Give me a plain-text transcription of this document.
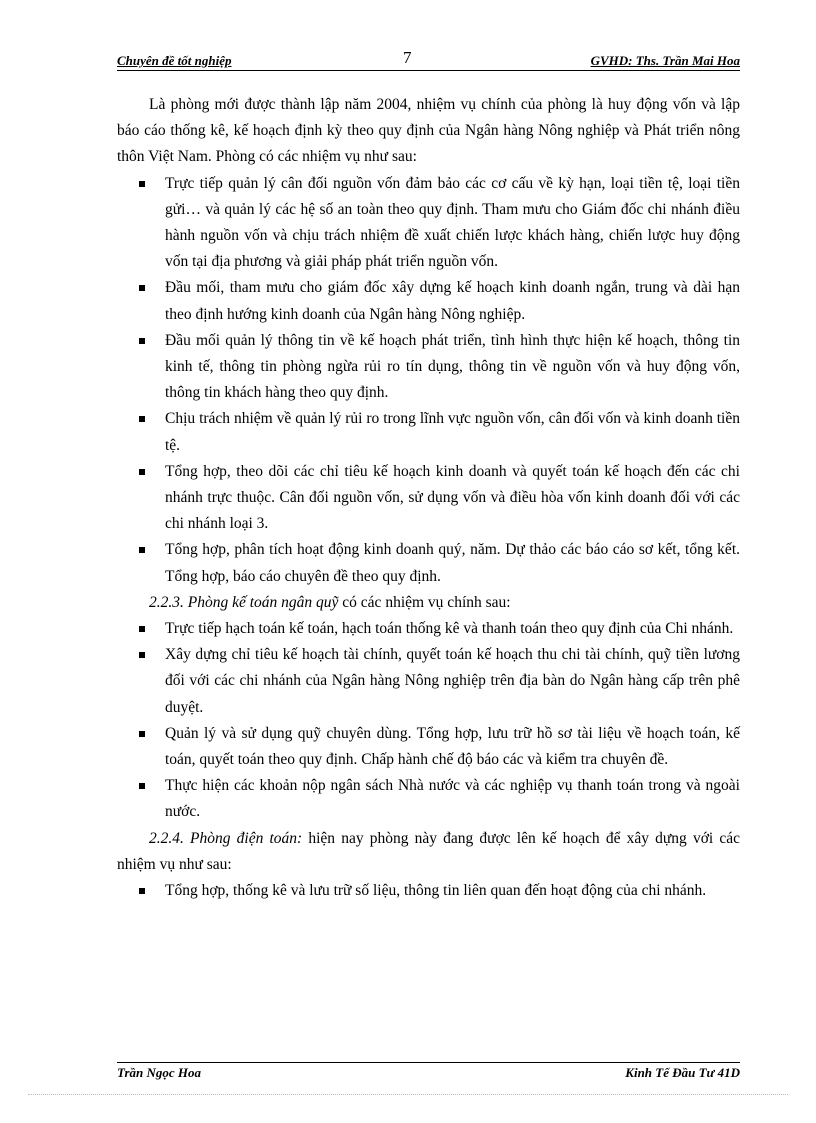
Chuyên đề tốt nghiệp	7	GVHD: Ths. Trần Mai Hoa

Là phòng mới được thành lập năm 2004, nhiệm vụ chính của phòng là huy động vốn và lập báo cáo thống kê, kế hoạch định kỳ theo quy định của Ngân hàng Nông nghiệp và Phát triển nông thôn Việt Nam. Phòng có các nhiệm vụ như sau:

Trực tiếp quản lý cân đối nguồn vốn đảm bảo các cơ cấu về kỳ hạn, loại tiền tệ, loại tiền gửi… và quản lý các hệ số an toàn theo quy định. Tham mưu cho Giám đốc chi nhánh điều hành nguồn vốn và chịu trách nhiệm đề xuất chiến lược khách hàng, chiến lược huy động vốn tại địa phương và giải pháp phát triển nguồn vốn.
Đầu mối, tham mưu cho giám đốc xây dựng kế hoạch kinh doanh ngắn, trung và dài hạn theo định hướng kinh doanh của Ngân hàng Nông nghiệp.
Đầu mối quản lý thông tin về kế hoạch phát triển, tình hình thực hiện kế hoạch, thông tin kinh tế, thông tin phòng ngừa rủi ro tín dụng, thông tin về nguồn vốn và huy động vốn, thông tin khách hàng theo quy định.
Chịu trách nhiệm về quản lý rủi ro trong lĩnh vực nguồn vốn, cân đối vốn và kinh doanh tiền tệ.
Tổng hợp, theo dõi các chỉ tiêu kế hoạch kinh doanh và quyết toán kế hoạch đến các chi nhánh trực thuộc. Cân đối nguồn vốn, sử dụng vốn và điều hòa vốn kinh doanh đối với các chi nhánh loại 3.
Tổng hợp, phân tích hoạt động kinh doanh quý, năm. Dự thảo các báo cáo sơ kết, tổng kết. Tổng hợp, báo cáo chuyên đề theo quy định.

2.2.3. Phòng kế toán ngân quỹ có các nhiệm vụ chính sau:

Trực tiếp hạch toán kế toán, hạch toán thống kê và thanh toán theo quy định của Chi nhánh.
Xây dựng chỉ tiêu kế hoạch tài chính, quyết toán kế hoạch thu chi tài chính, quỹ tiền lương đối với các chi nhánh của Ngân hàng Nông nghiệp trên địa bàn do Ngân hàng cấp trên phê duyệt.
Quản lý và sử dụng quỹ chuyên dùng. Tổng hợp, lưu trữ hồ sơ tài liệu về hoạch toán, kế toán, quyết toán theo quy định. Chấp hành chế độ báo các và kiểm tra chuyên đề.
Thực hiện các khoản nộp ngân sách Nhà nước và các nghiệp vụ thanh toán trong và ngoài nước.

2.2.4. Phòng điện toán: hiện nay phòng này đang được lên kế hoạch để xây dựng với các nhiệm vụ như sau:

Tổng hợp, thống kê và lưu trữ số liệu, thông tin liên quan đến hoạt động của chi nhánh.
Trần Ngọc Hoa	Kinh Tế Đầu Tư 41D
